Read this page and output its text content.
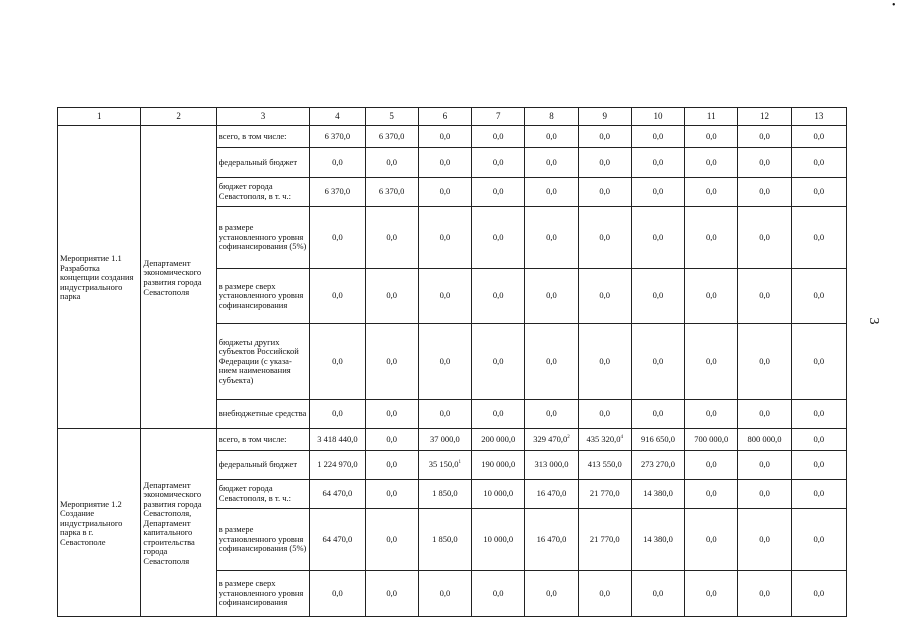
•
3
1	2	3	4	5	6	7	8	9	10	11	12	13
Мероприятие 1.1 Разработка концепции создания индустриального парка	Департамент экономического развития города Севастополя	всего, в том числе:	6 370,0	6 370,0	0,0	0,0	0,0	0,0	0,0	0,0	0,0	0,0
		федеральный бюджет	0,0	0,0	0,0	0,0	0,0	0,0	0,0	0,0	0,0	0,0
		бюджет города Севастополя, в т. ч.:	6 370,0	6 370,0	0,0	0,0	0,0	0,0	0,0	0,0	0,0	0,0
		в размере установленного уровня софинансирования (5%)	0,0	0,0	0,0	0,0	0,0	0,0	0,0	0,0	0,0	0,0
		в размере сверх установленного уровня софинансирования	0,0	0,0	0,0	0,0	0,0	0,0	0,0	0,0	0,0	0,0
		бюджеты других субъектов Российской Федерации (с указа-нием наименования субъекта)	0,0	0,0	0,0	0,0	0,0	0,0	0,0	0,0	0,0	0,0
		внебюджетные средства	0,0	0,0	0,0	0,0	0,0	0,0	0,0	0,0	0,0	0,0
Мероприятие 1.2 Создание индустриального парка в г. Севастополе	Департамент экономического развития города Севастополя, Департамент капитального строительства города Севастополя	всего, в том числе:	3 418 440,0	0,0	37 000,0	200 000,0	329 470,0$^2$	435 320,0$^4$	916 650,0	700 000,0	800 000,0	0,0
		федеральный бюджет	1 224 970,0	0,0	35 150,0$^1$	190 000,0	313 000,0	413 550,0	273 270,0	0,0	0,0	0,0
		бюджет города Севастополя, в т. ч.:	64 470,0	0,0	1 850,0	10 000,0	16 470,0	21 770,0	14 380,0	0,0	0,0	0,0
		в размере установленного уровня софинансирования (5%)	64 470,0	0,0	1 850,0	10 000,0	16 470,0	21 770,0	14 380,0	0,0	0,0	0,0
		в размере сверх установленного уровня софинансирования	0,0	0,0	0,0	0,0	0,0	0,0	0,0	0,0	0,0	0,0
